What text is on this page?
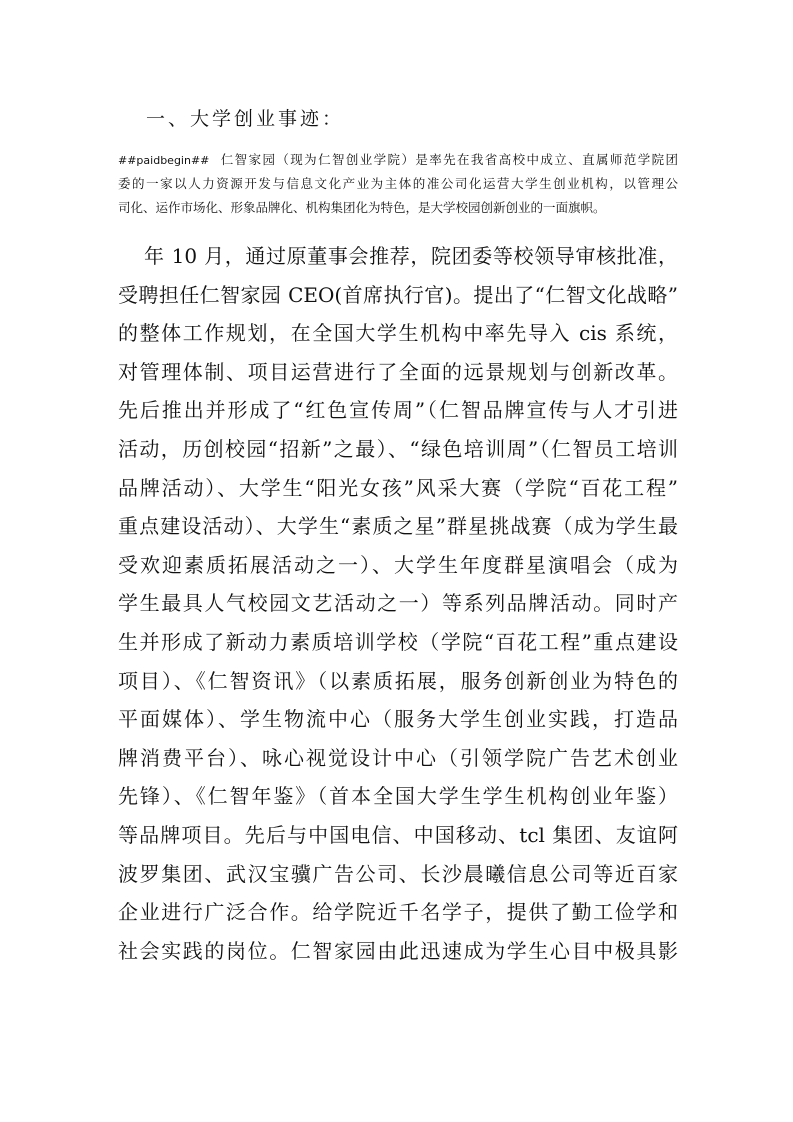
一、大学创业事迹：
##paidbegin## 仁智家园（现为仁智创业学院）是率先在我省高校中成立、直属师范学院团
委的一家以人力资源开发与信息文化产业为主体的准公司化运营大学生创业机构，以管理公
司化、运作市场化、形象品牌化、机构集团化为特色，是大学校园创新创业的一面旗帜。
年 10 月，通过原董事会推荐，院团委等校领导审核批准，
受聘担任仁智家园 CEO(首席执行官)。提出了“仁智文化战略”
的整体工作规划，在全国大学生机构中率先导入 cis 系统，
对管理体制、项目运营进行了全面的远景规划与创新改革。
先后推出并形成了“红色宣传周”（仁智品牌宣传与人才引进
活动，历创校园“招新”之最）、“绿色培训周”（仁智员工培训
品牌活动）、大学生“阳光女孩”风采大赛（学院“百花工程”
重点建设活动）、大学生“素质之星”群星挑战赛（成为学生最
受欢迎素质拓展活动之一）、大学生年度群星演唱会（成为
学生最具人气校园文艺活动之一）等系列品牌活动。同时产
生并形成了新动力素质培训学校（学院“百花工程”重点建设
项目）、《仁智资讯》（以素质拓展，服务创新创业为特色的
平面媒体）、学生物流中心（服务大学生创业实践，打造品
牌消费平台）、咏心视觉设计中心（引领学院广告艺术创业
先锋）、《仁智年鉴》（首本全国大学生学生机构创业年鉴）
等品牌项目。先后与中国电信、中国移动、tcl 集团、友谊阿
波罗集团、武汉宝骥广告公司、长沙晨曦信息公司等近百家
企业进行广泛合作。给学院近千名学子，提供了勤工俭学和
社会实践的岗位。仁智家园由此迅速成为学生心目中极具影
